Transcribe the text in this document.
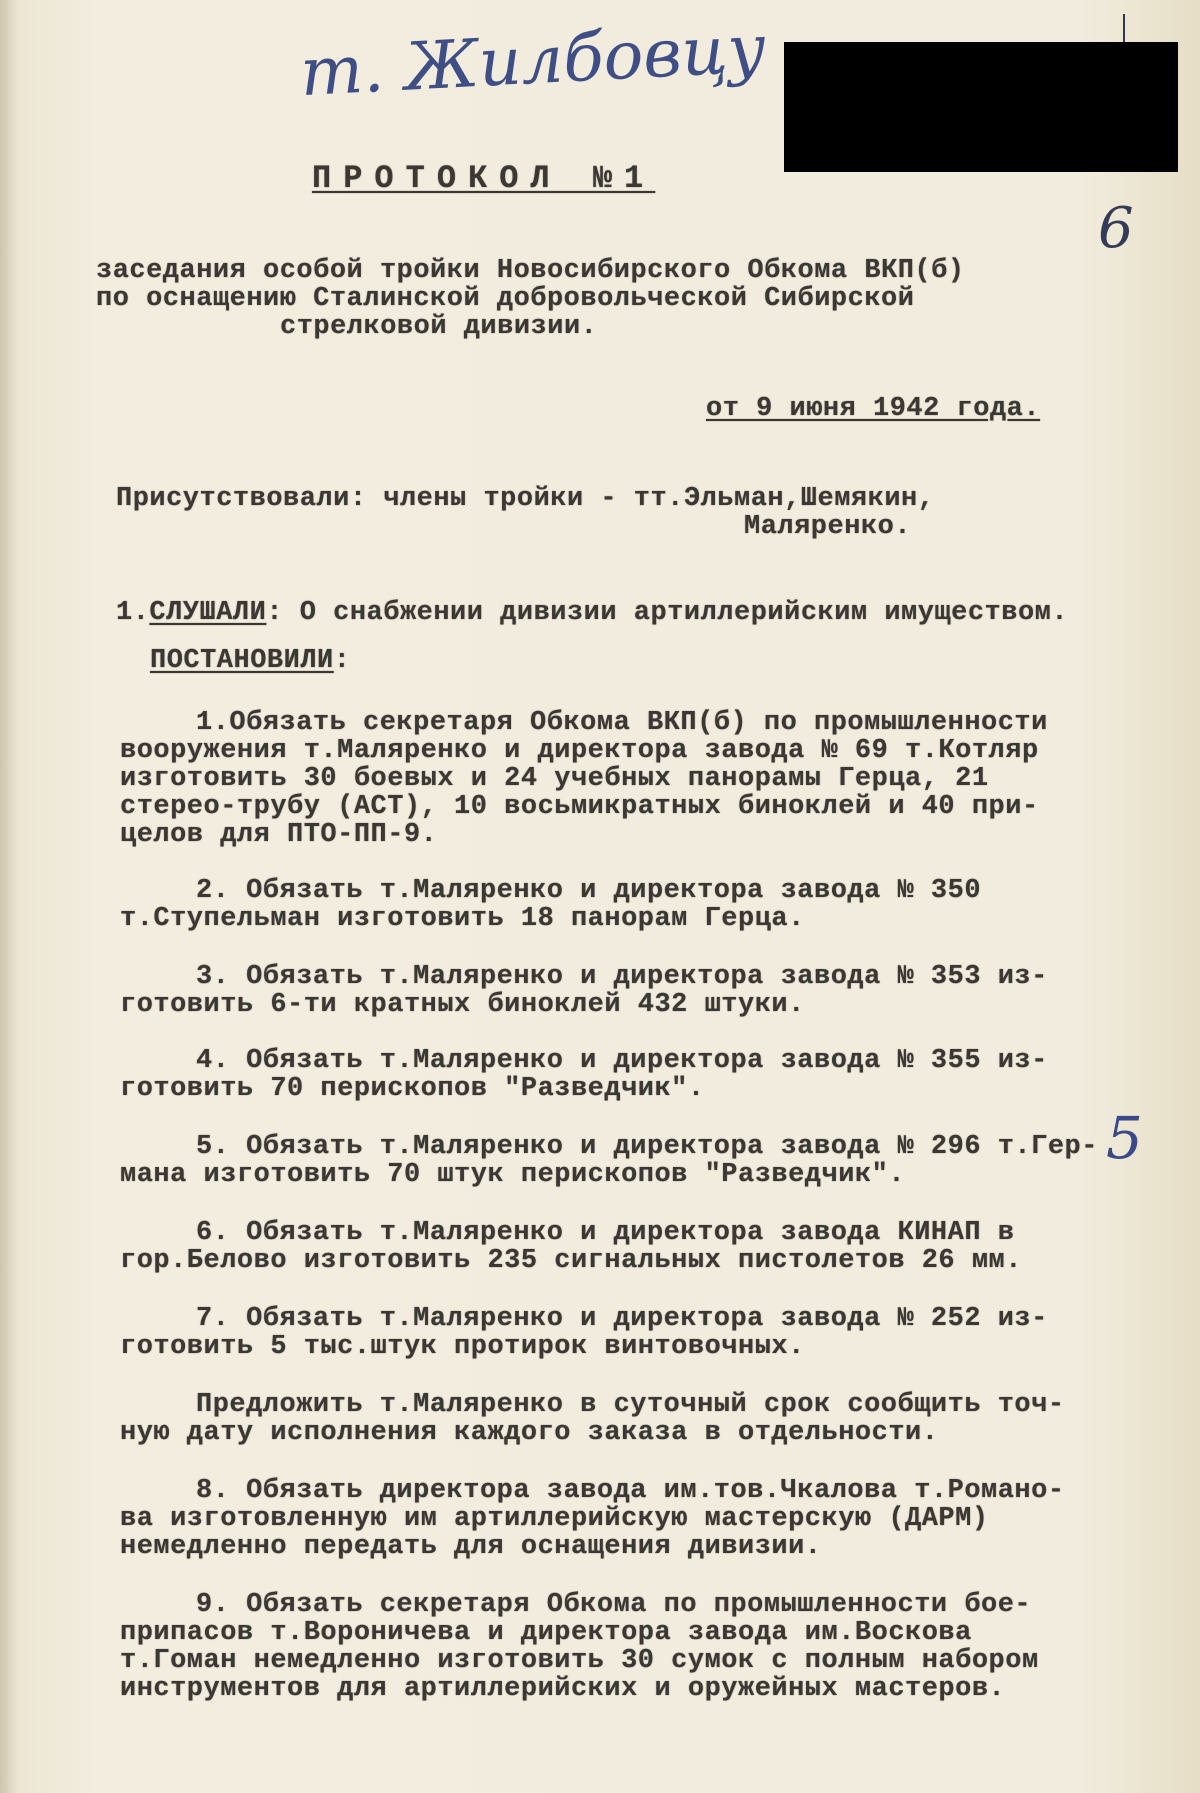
т. Жилбовцу
6
ПРОТОКОЛ №1
заседания особой тройки Новосибирского Обкома ВКП(б)
по оснащению Сталинской добровольческой Сибирской
стрелковой дивизии.
от 9 июня 1942 года.
Присутствовали: члены тройки - тт.Эльман,Шемякин,
Маляренко.
1.СЛУШАЛИ: О снабжении дивизии артиллерийским имуществом.
ПОСТАНОВИЛИ:
1.Обязать секретаря Обкома ВКП(б) по промышленности
вооружения т.Маляренко и директора завода № 69 т.Котляр
изготовить 30 боевых и 24 учебных панорамы Герца, 21
стерео-трубу (АСТ), 10 восьмикратных биноклей и 40 при-
целов для ПТО-ПП-9.
2. Обязать т.Маляренко и директора завода № 350
т.Ступельман изготовить 18 панорам Герца.
3. Обязать т.Маляренко и директора завода № 353 из-
готовить 6-ти кратных биноклей 432 штуки.
4. Обязать т.Маляренко и директора завода № 355 из-
готовить 70 перископов "Разведчик".
5. Обязать т.Маляренко и директора завода № 296 т.Гер-
мана изготовить 70 штук перископов "Разведчик".
5
6. Обязать т.Маляренко и директора завода КИНАП в
гор.Белово изготовить 235 сигнальных пистолетов 26 мм.
7. Обязать т.Маляренко и директора завода № 252 из-
готовить 5 тыс.штук протирок винтовочных.
Предложить т.Маляренко в суточный срок сообщить точ-
ную дату исполнения каждого заказа в отдельности.
8. Обязать директора завода им.тов.Чкалова т.Романо-
ва изготовленную им артиллерийскую мастерскую (ДАРМ)
немедленно передать для оснащения дивизии.
9. Обязать секретаря Обкома по промышленности бое-
припасов т.Вороничева и директора завода им.Воскова
т.Гоман немедленно изготовить 30 сумок с полным набором
инструментов для артиллерийских и оружейных мастеров.
